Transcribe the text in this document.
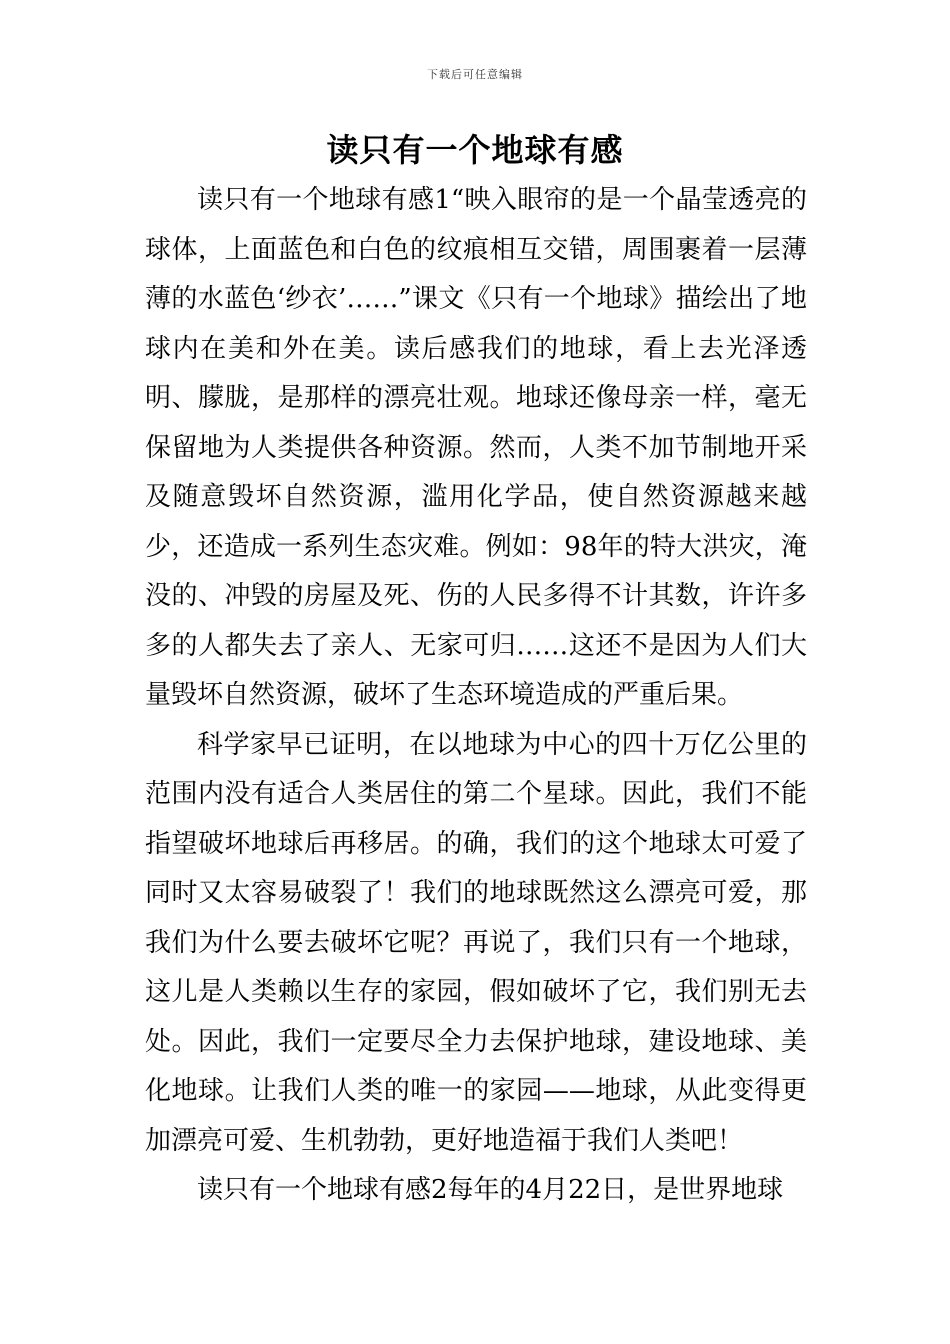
下载后可任意编辑
读只有一个地球有感

读只有一个地球有感1“映入眼帘的是一个晶莹透亮的球体，上面蓝色和白色的纹痕相互交错，周围裹着一层薄薄的水蓝色‘纱衣’……”课文《只有一个地球》描绘出了地球内在美和外在美。读后感我们的地球，看上去光泽透明、朦胧，是那样的漂亮壮观。地球还像母亲一样，毫无保留地为人类提供各种资源。然而，人类不加节制地开采及随意毁坏自然资源，滥用化学品，使自然资源越来越少，还造成一系列生态灾难。例如：98年的特大洪灾，淹没的、冲毁的房屋及死、伤的人民多得不计其数，许许多多的人都失去了亲人、无家可归……这还不是因为人们大量毁坏自然资源，破坏了生态环境造成的严重后果。

科学家早已证明，在以地球为中心的四十万亿公里的范围内没有适合人类居住的第二个星球。因此，我们不能指望破坏地球后再移居。的确，我们的这个地球太可爱了同时又太容易破裂了！我们的地球既然这么漂亮可爱，那我们为什么要去破坏它呢？再说了，我们只有一个地球，这儿是人类赖以生存的家园，假如破坏了它，我们别无去处。因此，我们一定要尽全力去保护地球，建设地球、美化地球。让我们人类的唯一的家园——地球，从此变得更加漂亮可爱、生机勃勃，更好地造福于我们人类吧！

读只有一个地球有感2每年的4月22日，是世界地球
